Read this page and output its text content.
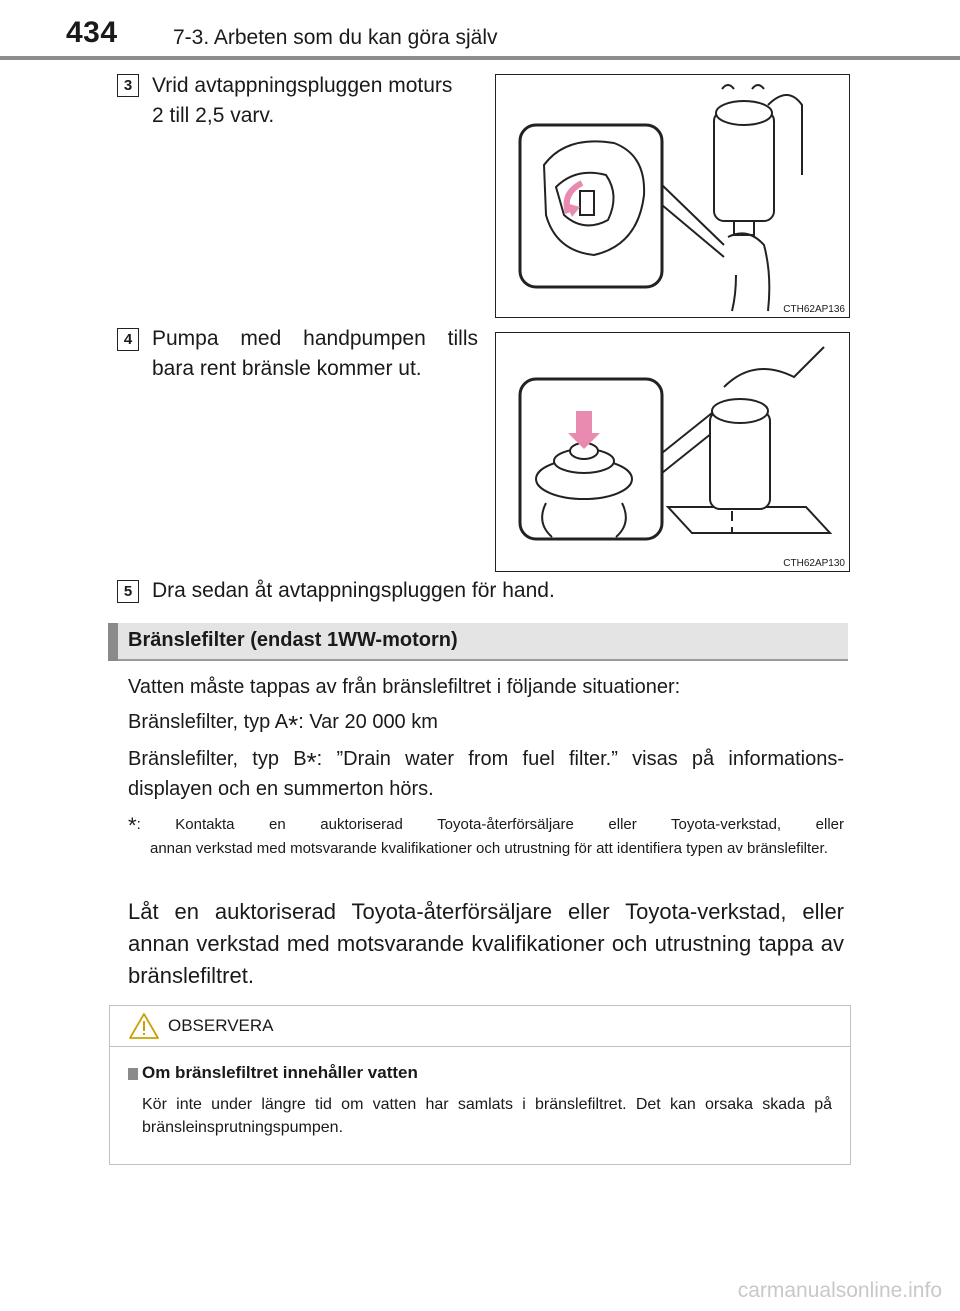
434	7-3. Arbeten som du kan göra själv
3 Vrid avtappningspluggen moturs
2 till 2,5 varv.
CTH62AP136
4 Pumpa med handpumpen tills
bara rent bränsle kommer ut.
CTH62AP130
5 Dra sedan åt avtappningspluggen för hand.
Bränslefilter (endast 1WW-motorn)
Vatten måste tappas av från bränslefiltret i följande situationer:
Bränslefilter, typ A*: Var 20 000 km
Bränslefilter, typ B*: ”Drain water from fuel filter.” visas på informations-
displayen och en summerton hörs.
*: Kontakta en auktoriserad Toyota-återförsäljare eller Toyota-verkstad, eller
annan verkstad med motsvarande kvalifikationer och utrustning för att identifiera typen av bränslefilter.
Låt en auktoriserad Toyota-återförsäljare eller Toyota-verkstad, eller annan verkstad med motsvarande kvalifikationer och utrustning tappa av bränslefiltret.
OBSERVERA
Om bränslefiltret innehåller vatten
Kör inte under längre tid om vatten har samlats i bränslefiltret. Det kan orsaka skada på bränsleinsprutningspumpen.
carmanualsonline.info
